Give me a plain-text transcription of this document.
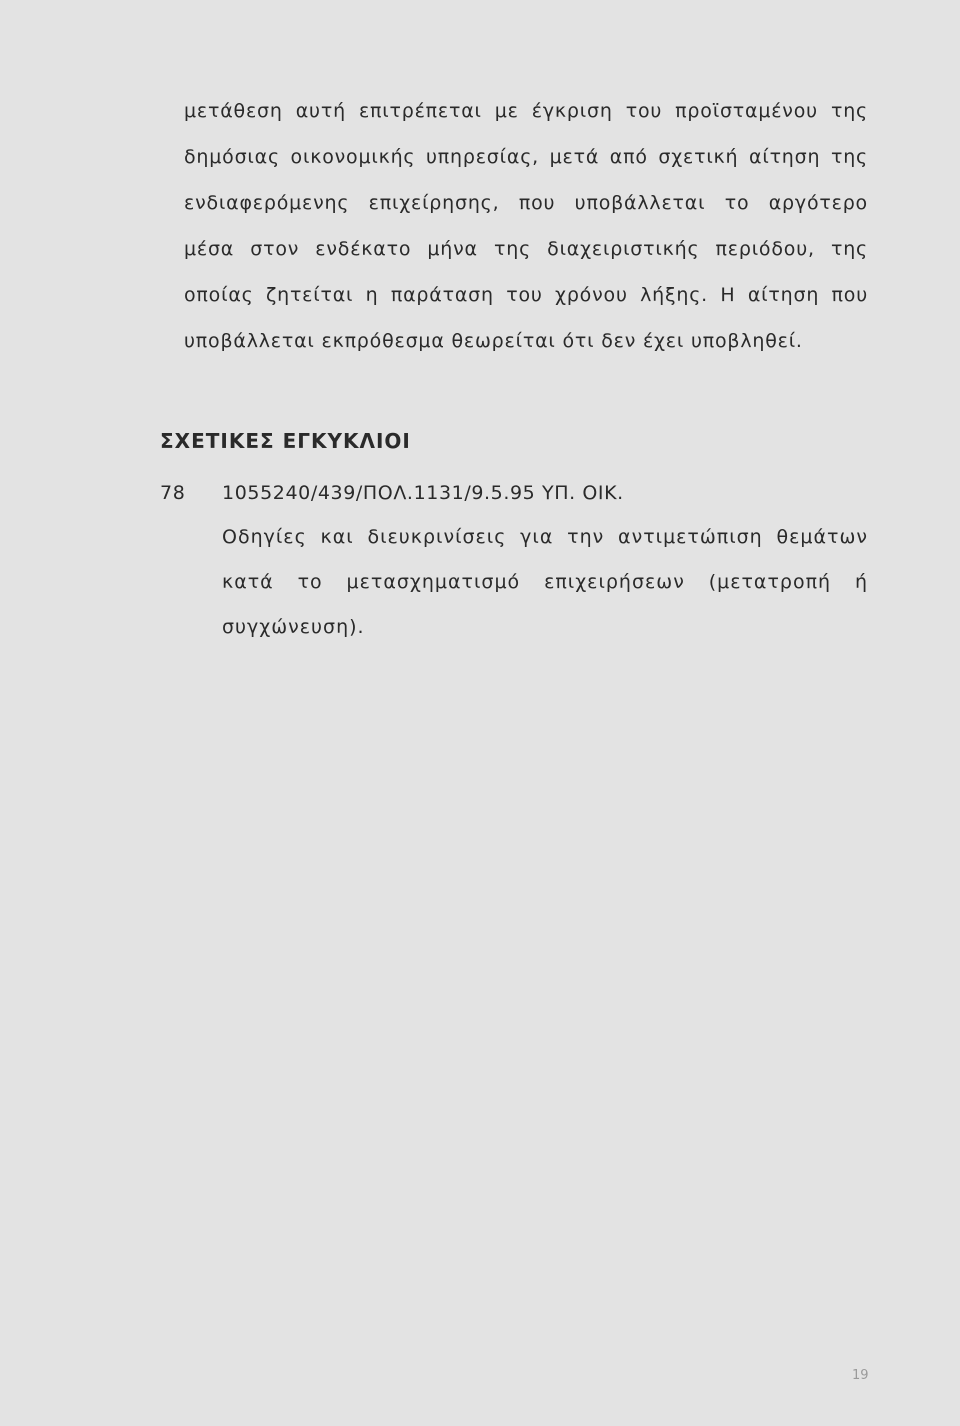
μετάθεση αυτή επιτρέπεται με έγκριση του προϊσταμένου της
δημόσιας οικονομικής υπηρεσίας, μετά από σχετική αίτηση της
ενδιαφερόμενης επιχείρησης, που υποβάλλεται το αργότερο
μέσα στον ενδέκατο μήνα της διαχειριστικής περιόδου, της
οποίας ζητείται η παράταση του χρόνου λήξης. Η αίτηση που
υποβάλλεται εκπρόθεσμα θεωρείται ότι δεν έχει υποβληθεί.
ΣΧΕΤΙΚΕΣ ΕΓΚΥΚΛΙΟΙ
78 1055240/439/ΠΟΛ.1131/9.5.95 ΥΠ. ΟΙΚ.
Οδηγίες και διευκρινίσεις για την αντιμετώπιση θεμάτων
κατά το μετασχηματισμό επιχειρήσεων (μετατροπή ή
συγχώνευση).
19
